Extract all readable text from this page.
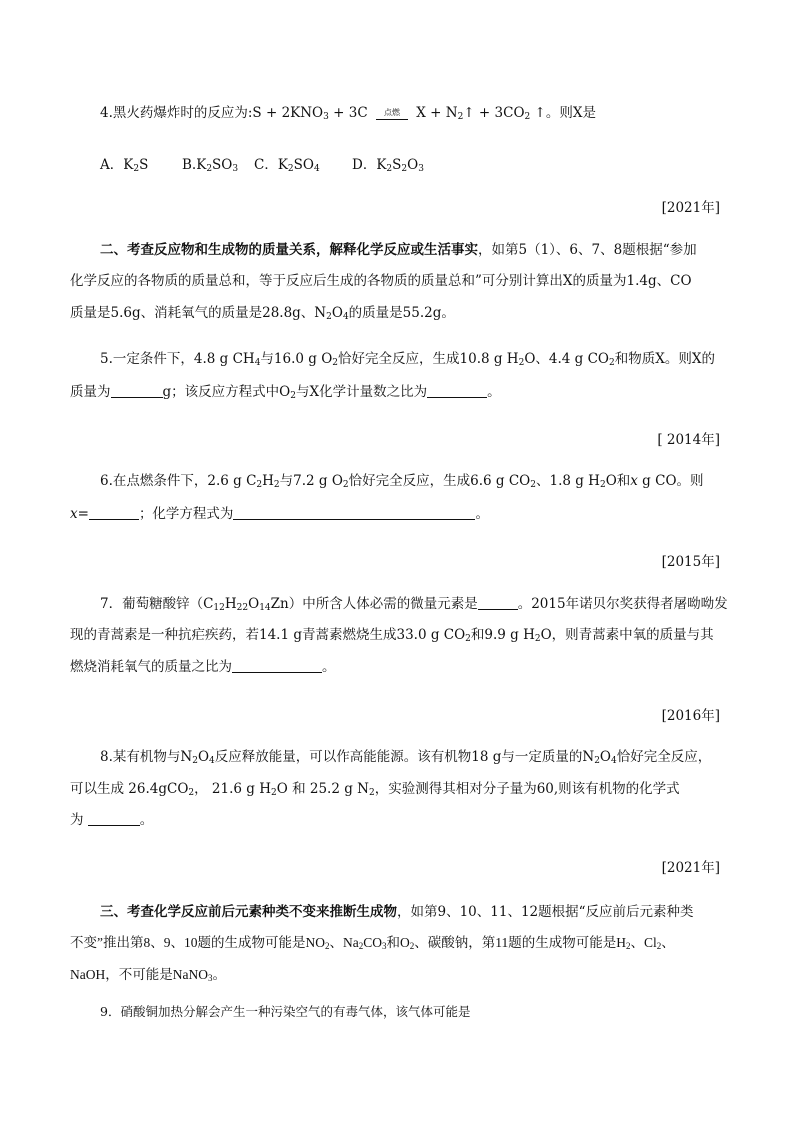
4.黑火药爆炸时的反应为:S + $2KNO_3 + 3C$	点燃 $X + N_2↑ + 3CO_2$ ↑。则X是
A．$K_2S$ $B.K_2SO_3$ C．$K_2SO_4$ D．$K_2S_2O_3$
[2021年]
二、考查反应物和生成物的质量关系，解释化学反应或生活事实，如第5（1）、6、7、8题根据“参加
化学反应的各物质的质量总和，等于反应后生成的各物质的质量总和”可分别计算出X的质量为1.4g、CO
质量是5.6g、消耗氧气的质量是28.8g、$N_2O_4$的质量是55.2g。
5.一定条件下，4.8 g $CH_4$与16.0 g $O_2$恰好完全反应，生成10.8 g $H_2O$、4.4 g $CO_2$和物质X。则X的
质量为	g；该反应方程式中$O_2$与X化学计量数之比为	。
[ 2014年]
6.在点燃条件下，2.6 g $C_2H_2$与7.2 g $O_2$恰好完全反应，生成6.6 g $CO_2$、1.8 g $H_2O$和x g CO。则
x=	；化学方程式为	。
[2015年]
7．葡萄糖酸锌$(C_{12}H_{22}O_{14}Zn)$中所含人体必需的微量元素是	。2015年诺贝尔奖获得者屠呦呦发
现的青蒿素是一种抗疟疾药，若14.1 g青蒿素燃烧生成33.0 g $CO_2$和9.9 g $H_2O$，则青蒿素中氧的质量与其
燃烧消耗氧气的质量之比为	。
[2016年]
8.某有机物与$N_2O_4$反应释放能量，可以作高能能源。该有机物18 g与一定质量的$N_2O_4$恰好完全反应，
可以生成 26.4gCO$_2$， 21.6 g $H_2O$ 和 25.2 g $N_2$，实验测得其相对分子量为60,则该有机物的化学式
为	。
[2021年]
三、考查化学反应前后元素种类不变来推断生成物，如第9、10、11、12题根据“反应前后元素种类
不变”推出第8、9、10题的生成物可能是$NO_2$、$Na_2CO_3$和$O_2$、碳酸钠，第11题的生成物可能是$H_2$、$Cl_2$、
NaOH，不可能是NaNO$_3$。
9．硝酸铜加热分解会产生一种污染空气的有毒气体，该气体可能是
